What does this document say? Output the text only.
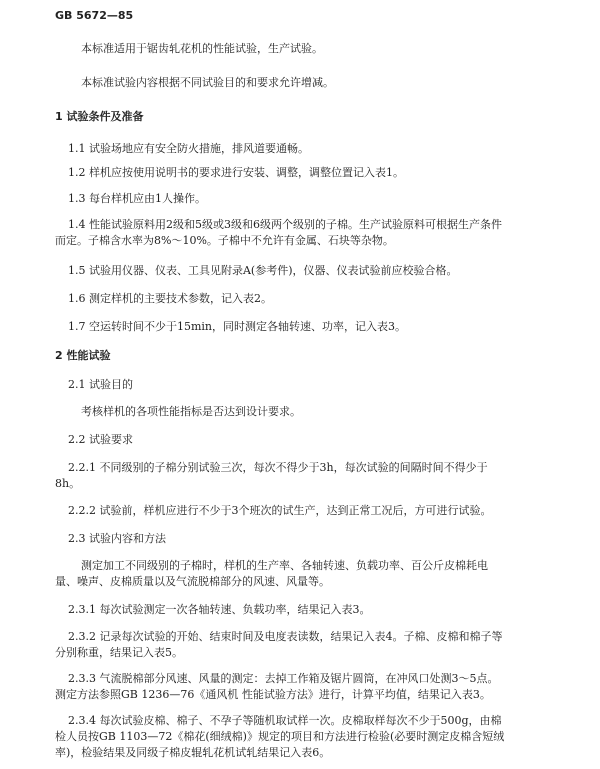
GB 5672—85
本标准适用于锯齿轧花机的性能试验，生产试验。
本标准试验内容根据不同试验目的和要求允许增减。
1 试验条件及准备
1.1 试验场地应有安全防火措施，排风道要通畅。
1.2 样机应按使用说明书的要求进行安装、调整，调整位置记入表1。
1.3 每台样机应由1人操作。
1.4 性能试验原料用2级和5级或3级和6级两个级别的子棉。生产试验原料可根据生产条件
而定。子棉含水率为8%～10%。子棉中不允许有金属、石块等杂物。
1.5 试验用仪器、仪表、工具见附录A(参考件)，仪器、仪表试验前应校验合格。
1.6 测定样机的主要技术参数，记入表2。
1.7 空运转时间不少于15min，同时测定各轴转速、功率，记入表3。
2 性能试验
2.1 试验目的
考核样机的各项性能指标是否达到设计要求。
2.2 试验要求
2.2.1 不同级别的子棉分别试验三次，每次不得少于3h，每次试验的间隔时间不得少于
8h。
2.2.2 试验前，样机应进行不少于3个班次的试生产，达到正常工况后，方可进行试验。
2.3 试验内容和方法
测定加工不同级别的子棉时，样机的生产率、各轴转速、负载功率、百公斤皮棉耗电
量、噪声、皮棉质量以及气流脱棉部分的风速、风量等。
2.3.1 每次试验测定一次各轴转速、负载功率，结果记入表3。
2.3.2 记录每次试验的开始、结束时间及电度表读数，结果记入表4。子棉、皮棉和棉子等
分别称重，结果记入表5。
2.3.3 气流脱棉部分风速、风量的测定：去掉工作箱及锯片圆筒，在冲风口处测3～5点。
测定方法参照GB 1236—76《通风机 性能试验方法》进行，计算平均值，结果记入表3。
2.3.4 每次试验皮棉、棉子、不孕子等随机取试样一次。皮棉取样每次不少于500g，由棉
检人员按GB 1103—72《棉花(细绒棉)》规定的项目和方法进行检验(必要时测定皮棉含短绒
率)，检验结果及同级子棉皮辊轧花机试轧结果记入表6。
